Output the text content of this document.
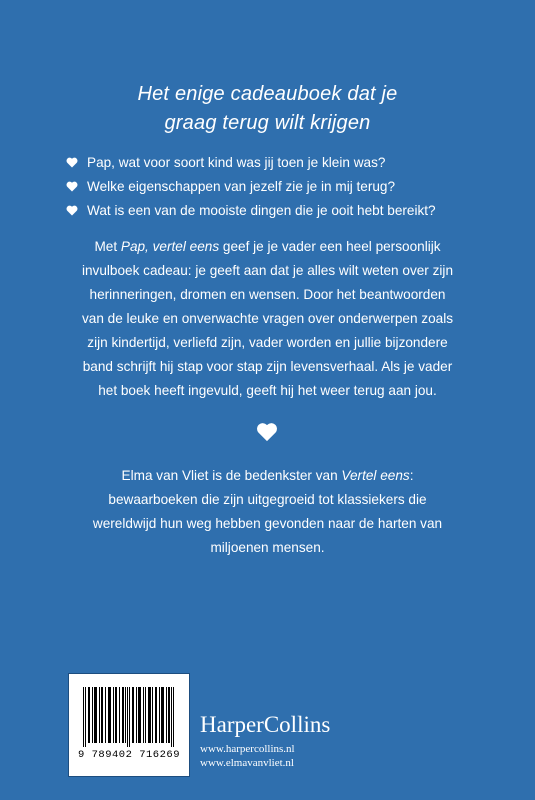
Het enige cadeauboek dat je
graag terug wilt krijgen
Pap, wat voor soort kind was jij toen je klein was?
Welke eigenschappen van jezelf zie je in mij terug?
Wat is een van de mooiste dingen die je ooit hebt bereikt?
Met Pap, vertel eens geef je je vader een heel persoonlijk
invulboek cadeau: je geeft aan dat je alles wilt weten over zijn
herinneringen, dromen en wensen. Door het beantwoorden
van de leuke en onverwachte vragen over onderwerpen zoals
zijn kindertijd, verliefd zijn, vader worden en jullie bijzondere
band schrijft hij stap voor stap zijn levensverhaal. Als je vader
het boek heeft ingevuld, geeft hij het weer terug aan jou.
Elma van Vliet is de bedenkster van Vertel eens:
bewaarboeken die zijn uitgegroeid tot klassiekers die
wereldwijd hun weg hebben gevonden naar de harten van
miljoenen mensen.
9 789402 716269
HarperCollins
www.harpercollins.nl
www.elmavanvliet.nl
